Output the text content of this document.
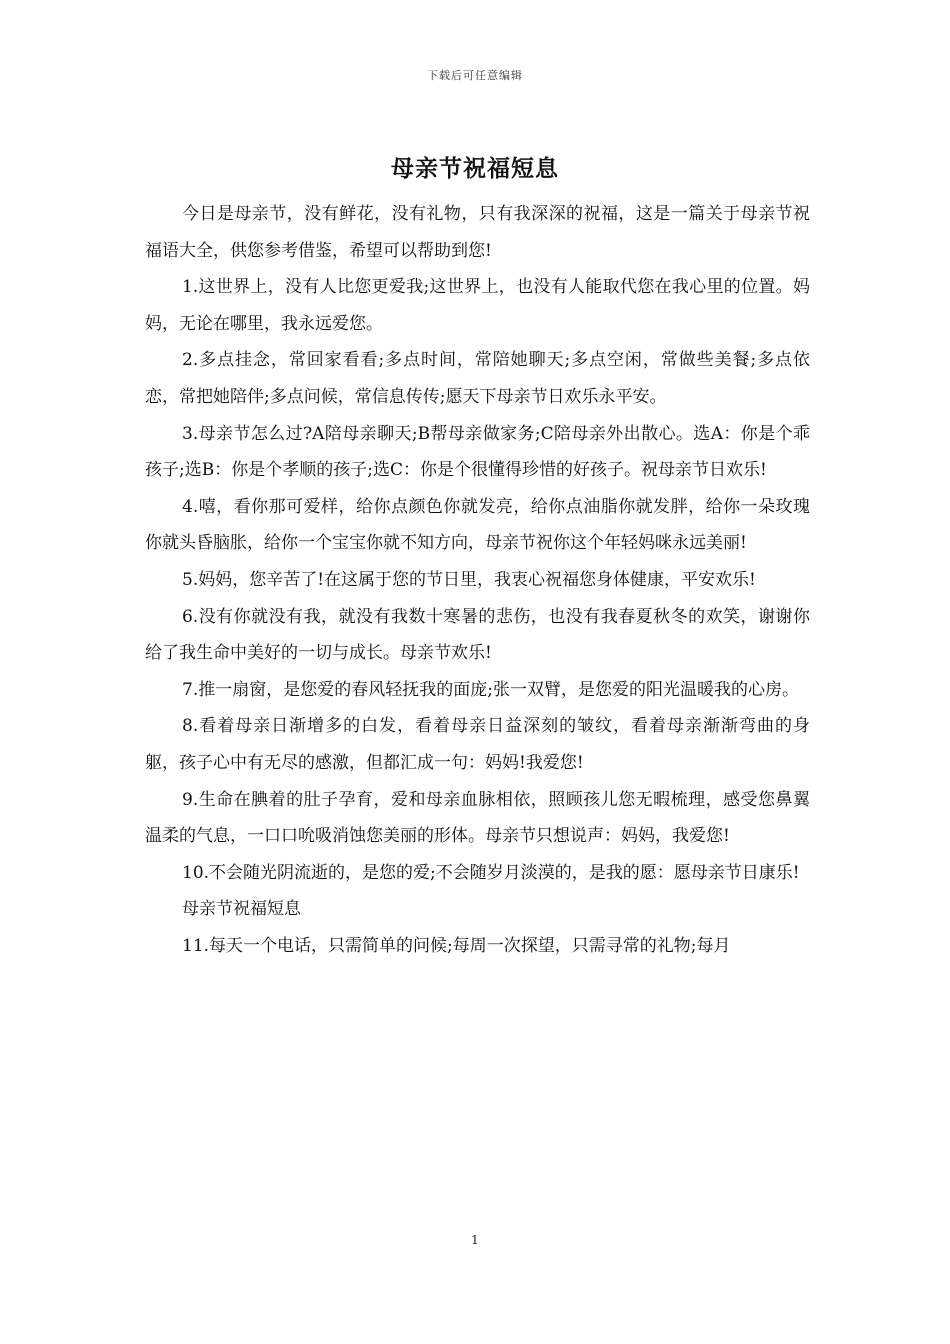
下载后可任意编辑
母亲节祝福短息

今日是母亲节，没有鲜花，没有礼物，只有我深深的祝福，这是一篇关于母亲节祝福语大全，供您参考借鉴，希望可以帮助到您!

1.这世界上，没有人比您更爱我;这世界上，也没有人能取代您在我心里的位置。妈妈，无论在哪里，我永远爱您。

2.多点挂念，常回家看看;多点时间，常陪她聊天;多点空闲，常做些美餐;多点依恋，常把她陪伴;多点问候，常信息传传;愿天下母亲节日欢乐永平安。

3.母亲节怎么过?A陪母亲聊天;B帮母亲做家务;C陪母亲外出散心。选A：你是个乖孩子;选B：你是个孝顺的孩子;选C：你是个很懂得珍惜的好孩子。祝母亲节日欢乐!

4.嘻，看你那可爱样，给你点颜色你就发亮，给你点油脂你就发胖，给你一朵玫瑰你就头昏脑胀，给你一个宝宝你就不知方向，母亲节祝你这个年轻妈咪永远美丽!

5.妈妈，您辛苦了!在这属于您的节日里，我衷心祝福您身体健康，平安欢乐!

6.没有你就没有我，就没有我数十寒暑的悲伤，也没有我春夏秋冬的欢笑，谢谢你给了我生命中美好的一切与成长。母亲节欢乐!

7.推一扇窗，是您爱的春风轻抚我的面庞;张一双臂，是您爱的阳光温暖我的心房。

8.看着母亲日渐增多的白发，看着母亲日益深刻的皱纹，看着母亲渐渐弯曲的身躯，孩子心中有无尽的感激，但都汇成一句：妈妈!我爱您!

9.生命在腆着的肚子孕育，爱和母亲血脉相依，照顾孩儿您无暇梳理，感受您鼻翼温柔的气息，一口口吮吸消蚀您美丽的形体。母亲节只想说声：妈妈，我爱您!

10.不会随光阴流逝的，是您的爱;不会随岁月淡漠的，是我的愿：愿母亲节日康乐!

母亲节祝福短息

11.每天一个电话，只需简单的问候;每周一次探望，只需寻常的礼物;每月

1
